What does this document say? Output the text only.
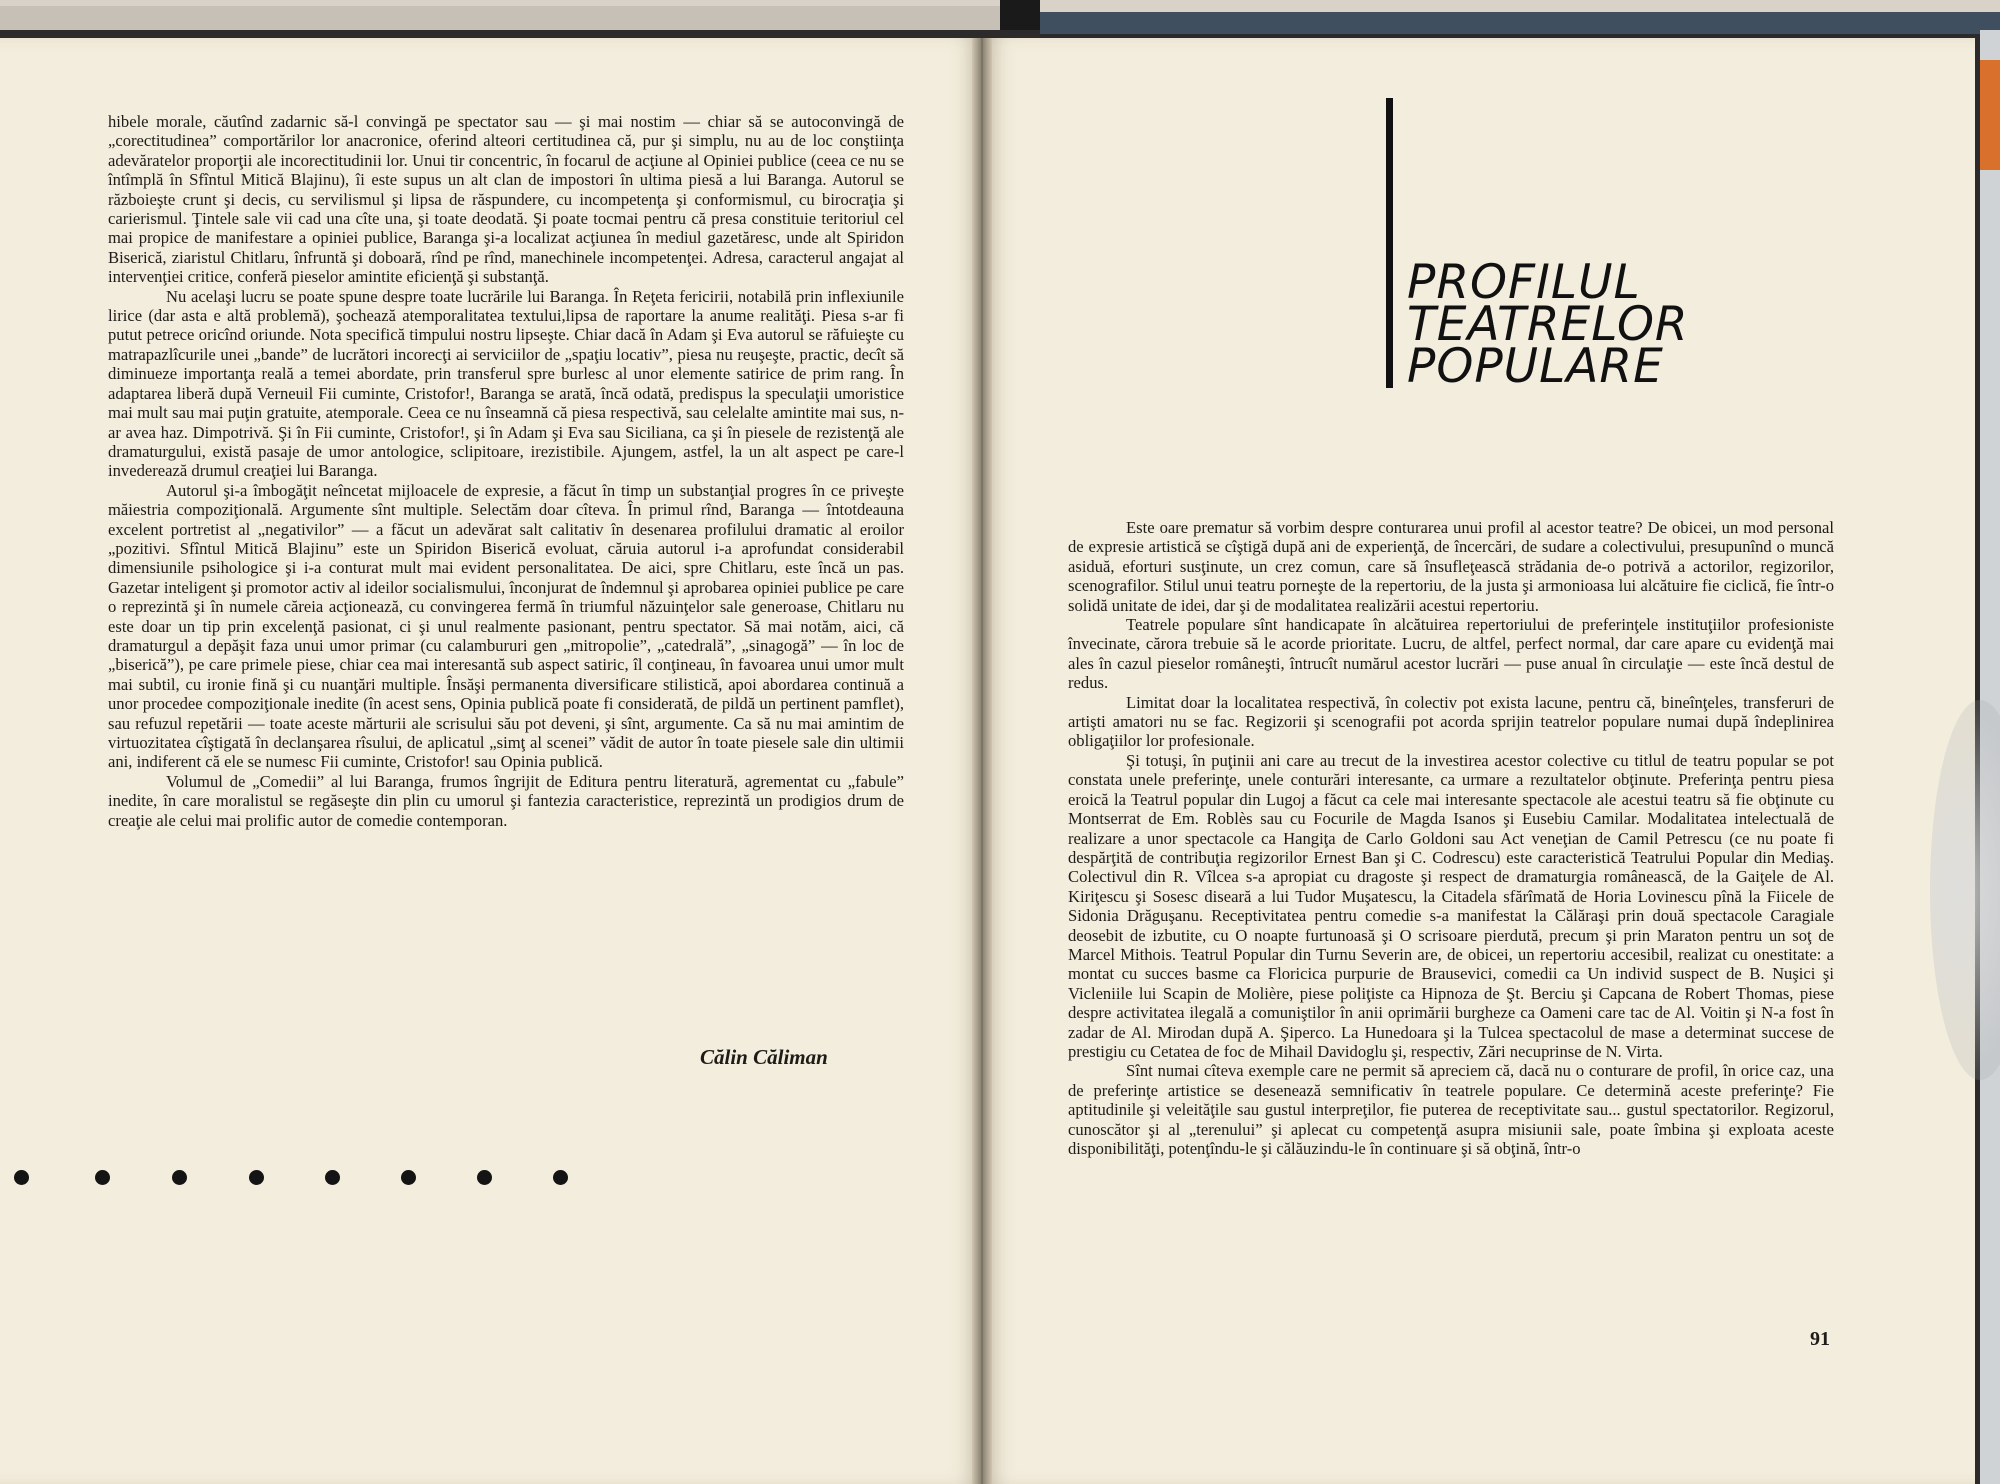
hibele morale, căutînd zadarnic să-l convingă pe spectator sau — şi mai nostim — chiar să se autoconvingă de „corectitudinea” comportărilor lor anacronice, oferind alteori certitudinea că, pur şi simplu, nu au de loc conştiinţa adevăratelor proporţii ale incorectitudinii lor. Unui tir concentric, în focarul de acţiune al Opiniei publice (ceea ce nu se întîmplă în Sfîntul Mitică Blajinu), îi este supus un alt clan de impostori în ultima piesă a lui Baranga. Autorul se războieşte crunt şi decis, cu servilismul şi lipsa de răspundere, cu incompetenţa şi conformismul, cu birocraţia şi carierismul. Ţintele sale vii cad una cîte una, şi toate deodată. Şi poate tocmai pentru că presa constituie teritoriul cel mai propice de manifestare a opiniei publice, Baranga şi-a localizat acţiunea în mediul gazetăresc, unde alt Spiridon Biserică, ziaristul Chitlaru, înfruntă şi doboară, rînd pe rînd, manechinele incompetenţei. Adresa, caracterul angajat al intervenţiei critice, conferă pieselor amintite eficienţă şi substanţă.

Nu acelaşi lucru se poate spune despre toate lucrările lui Baranga. În Reţeta fericirii, notabilă prin inflexiunile lirice (dar asta e altă problemă), şochează atemporalitatea textului,lipsa de raportare la anume realităţi. Piesa s-ar fi putut petrece oricînd oriunde. Nota specifică timpului nostru lipseşte. Chiar dacă în Adam şi Eva autorul se răfuieşte cu matrapazlîcurile unei „bande” de lucrători incorecţi ai serviciilor de „spaţiu locativ”, piesa nu reuşeşte, practic, decît să diminueze importanţa reală a temei abordate, prin transferul spre burlesc al unor elemente satirice de prim rang. În adaptarea liberă după Verneuil Fii cuminte, Cristofor!, Baranga se arată, încă odată, predispus la speculaţii umoristice mai mult sau mai puţin gratuite, atemporale. Ceea ce nu înseamnă că piesa respectivă, sau celelalte amintite mai sus, n-ar avea haz. Dimpotrivă. Şi în Fii cuminte, Cristofor!, şi în Adam şi Eva sau Siciliana, ca şi în piesele de rezistenţă ale dramaturgului, există pasaje de umor antologice, sclipitoare, irezistibile. Ajungem, astfel, la un alt aspect pe care-l invederează drumul creaţiei lui Baranga.

Autorul şi-a îmbogăţit neîncetat mijloacele de expresie, a făcut în timp un substanţial progres în ce priveşte măiestria compoziţională. Argumente sînt multiple. Selectăm doar cîteva. În primul rînd, Baranga — întotdeauna excelent portretist al „negativilor” — a făcut un adevărat salt calitativ în desenarea profilului dramatic al eroilor „pozitivi. Sfîntul Mitică Blajinu” este un Spiridon Biserică evoluat, căruia autorul i-a aprofundat considerabil dimensiunile psihologice şi i-a conturat mult mai evident personalitatea. De aici, spre Chitlaru, este încă un pas. Gazetar inteligent şi promotor activ al ideilor socialismului, înconjurat de îndemnul şi aprobarea opiniei publice pe care o reprezintă şi în numele căreia acţionează, cu convingerea fermă în triumful năzuinţelor sale generoase, Chitlaru nu este doar un tip prin excelenţă pasionat, ci şi unul realmente pasionant, pentru spectator. Să mai notăm, aici, că dramaturgul a depăşit faza unui umor primar (cu calambururi gen „mitropolie”, „catedrală”, „sinagogă” — în loc de „biserică”), pe care primele piese, chiar cea mai interesantă sub aspect satiric, îl conţineau, în favoarea unui umor mult mai subtil, cu ironie fină şi cu nuanţări multiple. Însăşi permanenta diversificare stilistică, apoi abordarea continuă a unor procedee compoziţionale inedite (în acest sens, Opinia publică poate fi considerată, de pildă un pertinent pamflet), sau refuzul repetării — toate aceste mărturii ale scrisului său pot deveni, şi sînt, argumente. Ca să nu mai amintim de virtuozitatea cîştigată în declanşarea rîsului, de aplicatul „simţ al scenei” vădit de autor în toate piesele sale din ultimii ani, indiferent că ele se numesc Fii cuminte, Cristofor! sau Opinia publică.

Volumul de „Comedii” al lui Baranga, frumos îngrijit de Editura pentru literatură, agrementat cu „fabule” inedite, în care moralistul se regăseşte din plin cu umorul şi fantezia caracteristice, reprezintă un prodigios drum de creaţie ale celui mai prolific autor de comedie contemporan.

Călin Căliman
PROFILUL
TEATRELOR
POPULARE

Este oare prematur să vorbim despre conturarea unui profil al acestor teatre? De obicei, un mod personal de expresie artistică se cîştigă după ani de experienţă, de încercări, de sudare a colectivului, presupunînd o muncă asiduă, eforturi susţinute, un crez comun, care să însufleţească strădania de-o potrivă a actorilor, regizorilor, scenografilor. Stilul unui teatru porneşte de la repertoriu, de la justa şi armonioasa lui alcătuire fie ciclică, fie într-o solidă unitate de idei, dar şi de modalitatea realizării acestui repertoriu.

Teatrele populare sînt handicapate în alcătuirea repertoriului de preferinţele instituţiilor profesioniste învecinate, cărora trebuie să le acorde prioritate. Lucru, de altfel, perfect normal, dar care apare cu evidenţă mai ales în cazul pieselor româneşti, întrucît numărul acestor lucrări — puse anual în circulaţie — este încă destul de redus.

Limitat doar la localitatea respectivă, în colectiv pot exista lacune, pentru că, bineînţeles, transferuri de artişti amatori nu se fac. Regizorii şi scenografii pot acorda sprijin teatrelor populare numai după îndeplinirea obligaţiilor lor profesionale.

Şi totuşi, în puţinii ani care au trecut de la investirea acestor colective cu titlul de teatru popular se pot constata unele preferinţe, unele conturări interesante, ca urmare a rezultatelor obţinute. Preferinţa pentru piesa eroică la Teatrul popular din Lugoj a făcut ca cele mai interesante spectacole ale acestui teatru să fie obţinute cu Montserrat de Em. Roblès sau cu Focurile de Magda Isanos şi Eusebiu Camilar. Modalitatea intelectuală de realizare a unor spectacole ca Hangiţa de Carlo Goldoni sau Act veneţian de Camil Petrescu (ce nu poate fi despărţită de contribuţia regizorilor Ernest Ban şi C. Codrescu) este caracteristică Teatrului Popular din Mediaş. Colectivul din R. Vîlcea s-a apropiat cu dragoste şi respect de dramaturgia românească, de la Gaiţele de Al. Kiriţescu şi Sosesc diseară a lui Tudor Muşatescu, la Citadela sfărîmată de Horia Lovinescu pînă la Fiicele de Sidonia Drăguşanu. Receptivitatea pentru comedie s-a manifestat la Călăraşi prin două spectacole Caragiale deosebit de izbutite, cu O noapte furtunoasă şi O scrisoare pierdută, precum şi prin Maraton pentru un soţ de Marcel Mithois. Teatrul Popular din Turnu Severin are, de obicei, un repertoriu accesibil, realizat cu onestitate: a montat cu succes basme ca Floricica purpurie de Brausevici, comedii ca Un individ suspect de B. Nuşici şi Vicleniile lui Scapin de Molière, piese poliţiste ca Hipnoza de Şt. Berciu şi Capcana de Robert Thomas, piese despre activitatea ilegală a comuniştilor în anii oprimării burgheze ca Oameni care tac de Al. Voitin şi N-a fost în zadar de Al. Mirodan după A. Şiperco. La Hunedoara şi la Tulcea spectacolul de mase a determinat succese de prestigiu cu Cetatea de foc de Mihail Davidoglu şi, respectiv, Zări necuprinse de N. Virta.

Sînt numai cîteva exemple care ne permit să apreciem că, dacă nu o conturare de profil, în orice caz, una de preferinţe artistice se desenează semnificativ în teatrele populare. Ce determină aceste preferinţe? Fie aptitudinile şi veleităţile sau gustul interpreţilor, fie puterea de receptivitate sau... gustul spectatorilor. Regizorul, cunoscător şi al „terenului” şi aplecat cu competenţă asupra misiunii sale, poate îmbina şi exploata aceste disponibilităţi, potenţîndu-le şi călăuzindu-le în continuare şi să obţină, într-o

91
